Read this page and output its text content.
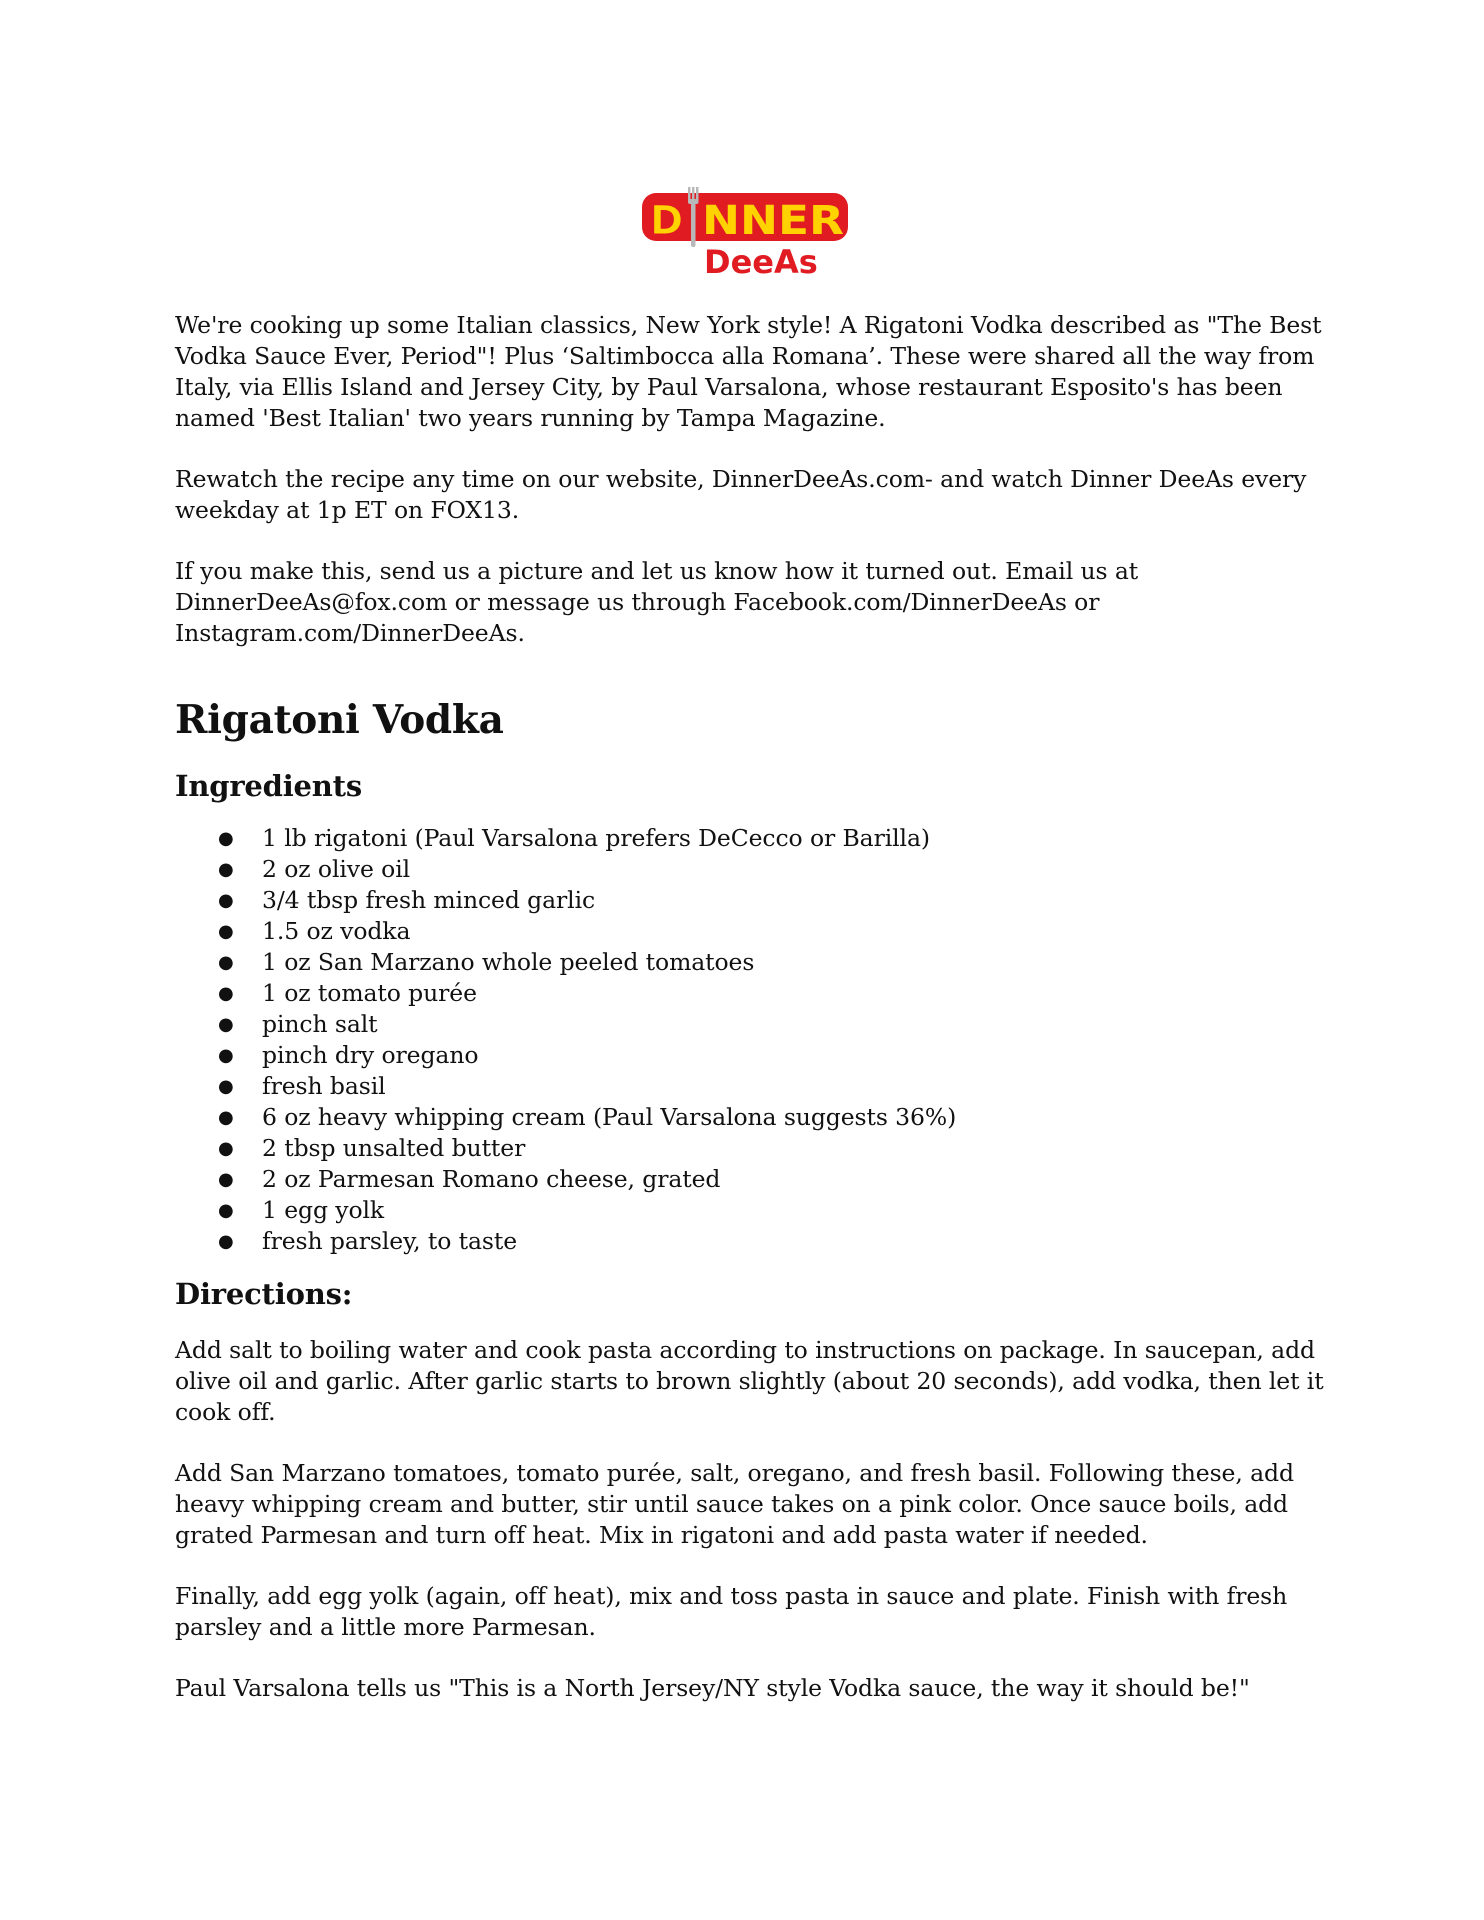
D NNER
DeeAs

We're cooking up some Italian classics, New York style! A Rigatoni Vodka described as "The Best Vodka Sauce Ever, Period"! Plus ‘Saltimbocca alla Romana’. These were shared all the way from Italy, via Ellis Island and Jersey City, by Paul Varsalona, whose restaurant Esposito's has been named 'Best Italian' two years running by Tampa Magazine.

Rewatch the recipe any time on our website, DinnerDeeAs.com- and watch Dinner DeeAs every weekday at 1p ET on FOX13.

If you make this, send us a picture and let us know how it turned out. Email us at DinnerDeeAs@fox.com or message us through Facebook.com/DinnerDeeAs or Instagram.com/DinnerDeeAs.

Rigatoni Vodka
Ingredients
● 1 lb rigatoni (Paul Varsalona prefers DeCecco or Barilla)
● 2 oz olive oil
● 3/4 tbsp fresh minced garlic
● 1.5 oz vodka
● 1 oz San Marzano whole peeled tomatoes
● 1 oz tomato purée
● pinch salt
● pinch dry oregano
● fresh basil
● 6 oz heavy whipping cream (Paul Varsalona suggests 36%)
● 2 tbsp unsalted butter
● 2 oz Parmesan Romano cheese, grated
● 1 egg yolk
● fresh parsley, to taste
Directions:

Add salt to boiling water and cook pasta according to instructions on package. In saucepan, add olive oil and garlic. After garlic starts to brown slightly (about 20 seconds), add vodka, then let it cook off.

Add San Marzano tomatoes, tomato purée, salt, oregano, and fresh basil. Following these, add heavy whipping cream and butter, stir until sauce takes on a pink color. Once sauce boils, add grated Parmesan and turn off heat. Mix in rigatoni and add pasta water if needed.

Finally, add egg yolk (again, off heat), mix and toss pasta in sauce and plate. Finish with fresh parsley and a little more Parmesan.

Paul Varsalona tells us "This is a North Jersey/NY style Vodka sauce, the way it should be!"
